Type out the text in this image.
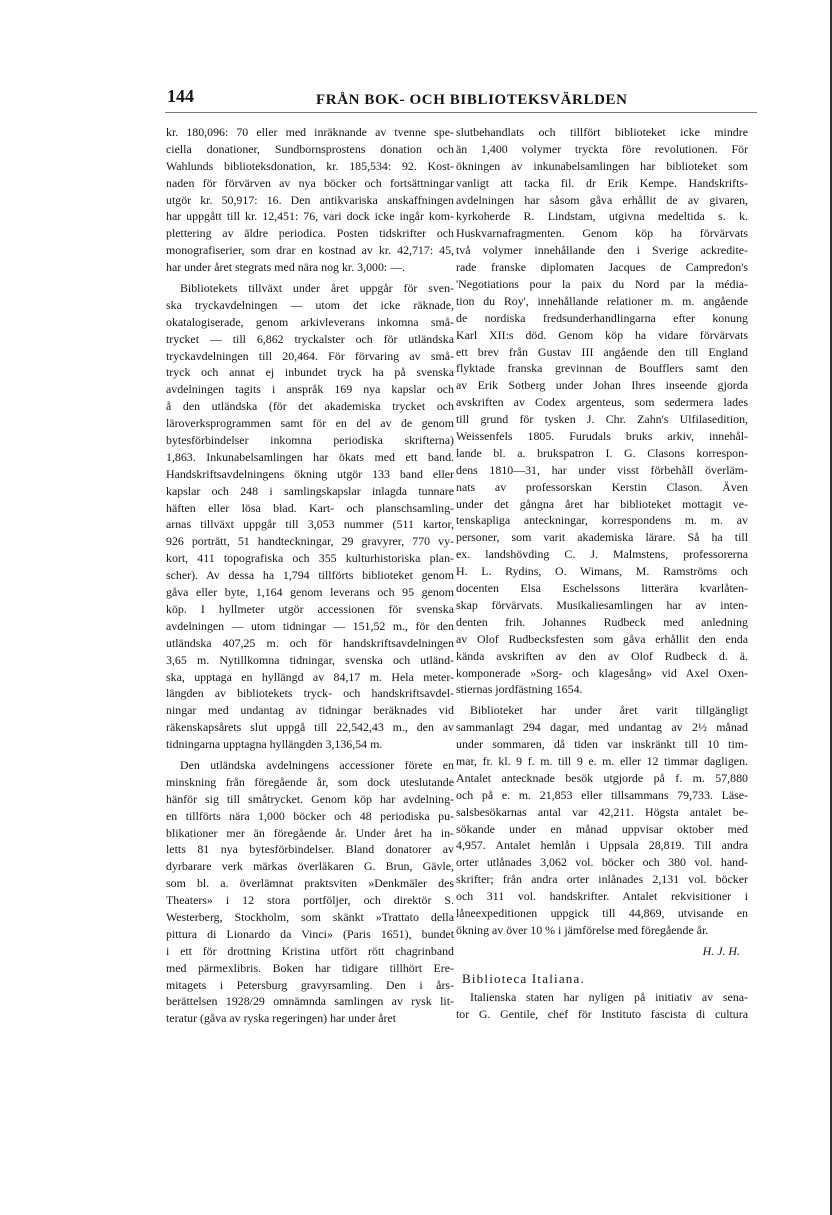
144	FRÅN BOK- OCH BIBLIOTEKSVÄRLDEN
kr. 180,096: 70 eller med inräknande av tvenne spe-
ciella donationer, Sundbornsprostens donation och
Wahlunds biblioteksdonation, kr. 185,534: 92. Kost-
naden för förvärven av nya böcker och fortsättningar
utgör kr. 50,917: 16. Den antikvariska anskaffningen
har uppgått till kr. 12,451: 76, vari dock icke ingår kom-
plettering av äldre periodica. Posten tidskrifter och
monografiserier, som drar en kostnad av kr. 42,717: 45,
har under året stegrats med nära nog kr. 3,000: —.
Bibliotekets tillväxt under året uppgår för sven-
ska tryckavdelningen — utom det icke räknade,
okatalogiserade, genom arkivleverans inkomna små-
trycket — till 6,862 tryckalster och för utländska
tryckavdelningen till 20,464. För förvaring av små-
tryck och annat ej inbundet tryck ha på svenska
avdelningen tagits i anspråk 169 nya kapslar och
å den utländska (för det akademiska trycket och
läroverksprogrammen samt för en del av de genom
bytesförbindelser inkomna periodiska skrifterna)
1,863. Inkunabelsamlingen har ökats med ett band.
Handskriftsavdelningens ökning utgör 133 band eller
kapslar och 248 i samlingskapslar inlagda tunnare
häften eller lösa blad. Kart- och planschsamling-
arnas tillväxt uppgår till 3,053 nummer (511 kartor,
926 porträtt, 51 handteckningar, 29 gravyrer, 770 vy-
kort, 411 topografiska och 355 kulturhistoriska plan-
scher). Av dessa ha 1,794 tillförts biblioteket genom
gåva eller byte, 1,164 genom leverans och 95 genom
köp. I hyllmeter utgör accessionen för svenska
avdelningen — utom tidningar — 151,52 m., för den
utländska 407,25 m. och för handskriftsavdelningen
3,65 m. Nytillkomna tidningar, svenska och utländ-
ska, upptaga en hyllängd av 84,17 m. Hela meter-
längden av bibliotekets tryck- och handskriftsavdel-
ningar med undantag av tidningar beräknades vid
räkenskapsårets slut uppgå till 22,542,43 m., den av
tidningarna upptagna hyllängden 3,136,54 m.
Den utländska avdelningens accessioner förete en
minskning från föregående år, som dock uteslutande
hänför sig till småtrycket. Genom köp har avdelning-
en tillförts nära 1,000 böcker och 48 periodiska pu-
blikationer mer än föregående år. Under året ha in-
letts 81 nya bytesförbindelser. Bland donatorer av
dyrbarare verk märkas överläkaren G. Brun, Gävle,
som bl. a. överlämnat praktsviten »Denkmäler des
Theaters» i 12 stora portföljer, och direktör S.
Westerberg, Stockholm, som skänkt »Trattato della
pittura di Lionardo da Vinci» (Paris 1651), bundet
i ett för drottning Kristina utfört rött chagrinband
med pärmexlibris. Boken har tidigare tillhört Ere-
mitagets i Petersburg gravyrsamling. Den i års-
berättelsen 1928/29 omnämnda samlingen av rysk lit-
teratur (gåva av ryska regeringen) har under året
slutbehandlats och tillfört biblioteket icke mindre
än 1,400 volymer tryckta före revolutionen. För
ökningen av inkunabelsamlingen har biblioteket som
vanligt att tacka fil. dr Erik Kempe. Handskrifts-
avdelningen har såsom gåva erhållit de av givaren,
kyrkoherde R. Lindstam, utgivna medeltida s. k.
Huskvarnafragmenten. Genom köp ha förvärvats
två volymer innehållande den i Sverige ackredite-
rade franske diplomaten Jacques de Campredon's
'Negotiations pour la paix du Nord par la média-
tion du Roy', innehållande relationer m. m. angående
de nordiska fredsunderhandlingarna efter konung
Karl XII:s död. Genom köp ha vidare förvärvats
ett brev från Gustav III angående den till England
flyktade franska grevinnan de Boufflers samt den
av Erik Sotberg under Johan Ihres inseende gjorda
avskriften av Codex argenteus, som sedermera lades
till grund för tysken J. Chr. Zahn's Ulfilasedition,
Weissenfels 1805. Furudals bruks arkiv, innehål-
lande bl. a. brukspatron I. G. Clasons korrespon-
dens 1810—31, har under visst förbehåll överläm-
nats av professorskan Kerstin Clason. Även
under det gångna året har biblioteket mottagit ve-
tenskapliga anteckningar, korrespondens m. m. av
personer, som varit akademiska lärare. Så ha till
ex. landshövding C. J. Malmstens, professorerna
H. L. Rydins, O. Wimans, M. Ramströms och
docenten Elsa Eschelssons litterära kvarlåten-
skap förvärvats. Musikaliesamlingen har av inten-
denten frih. Johannes Rudbeck med anledning
av Olof Rudbecksfesten som gåva erhållit den enda
kända avskriften av den av Olof Rudbeck d. ä.
komponerade »Sorg- och klagesång» vid Axel Oxen-
stiernas jordfästning 1654.
Biblioteket har under året varit tillgängligt
sammanlagt 294 dagar, med undantag av 2½ månad
under sommaren, då tiden var inskränkt till 10 tim-
mar, fr. kl. 9 f. m. till 9 e. m. eller 12 timmar dagligen.
Antalet antecknade besök utgjorde på f. m. 57,880
och på e. m. 21,853 eller tillsammans 79,733. Läse-
salsbesökarnas antal var 42,211. Högsta antalet be-
sökande under en månad uppvisar oktober med
4,957. Antalet hemlån i Uppsala 28,819. Till andra
orter utlånades 3,062 vol. böcker och 380 vol. hand-
skrifter; från andra orter inlånades 2,131 vol. böcker
och 311 vol. handskrifter. Antalet rekvisitioner i
låneexpeditionen uppgick till 44,869, utvisande en
ökning av över 10 % i jämförelse med föregående år.
H. J. H.
Biblioteca Italiana.
Italienska staten har nyligen på initiativ av sena-
tor G. Gentile, chef för Instituto fascista di cultura
